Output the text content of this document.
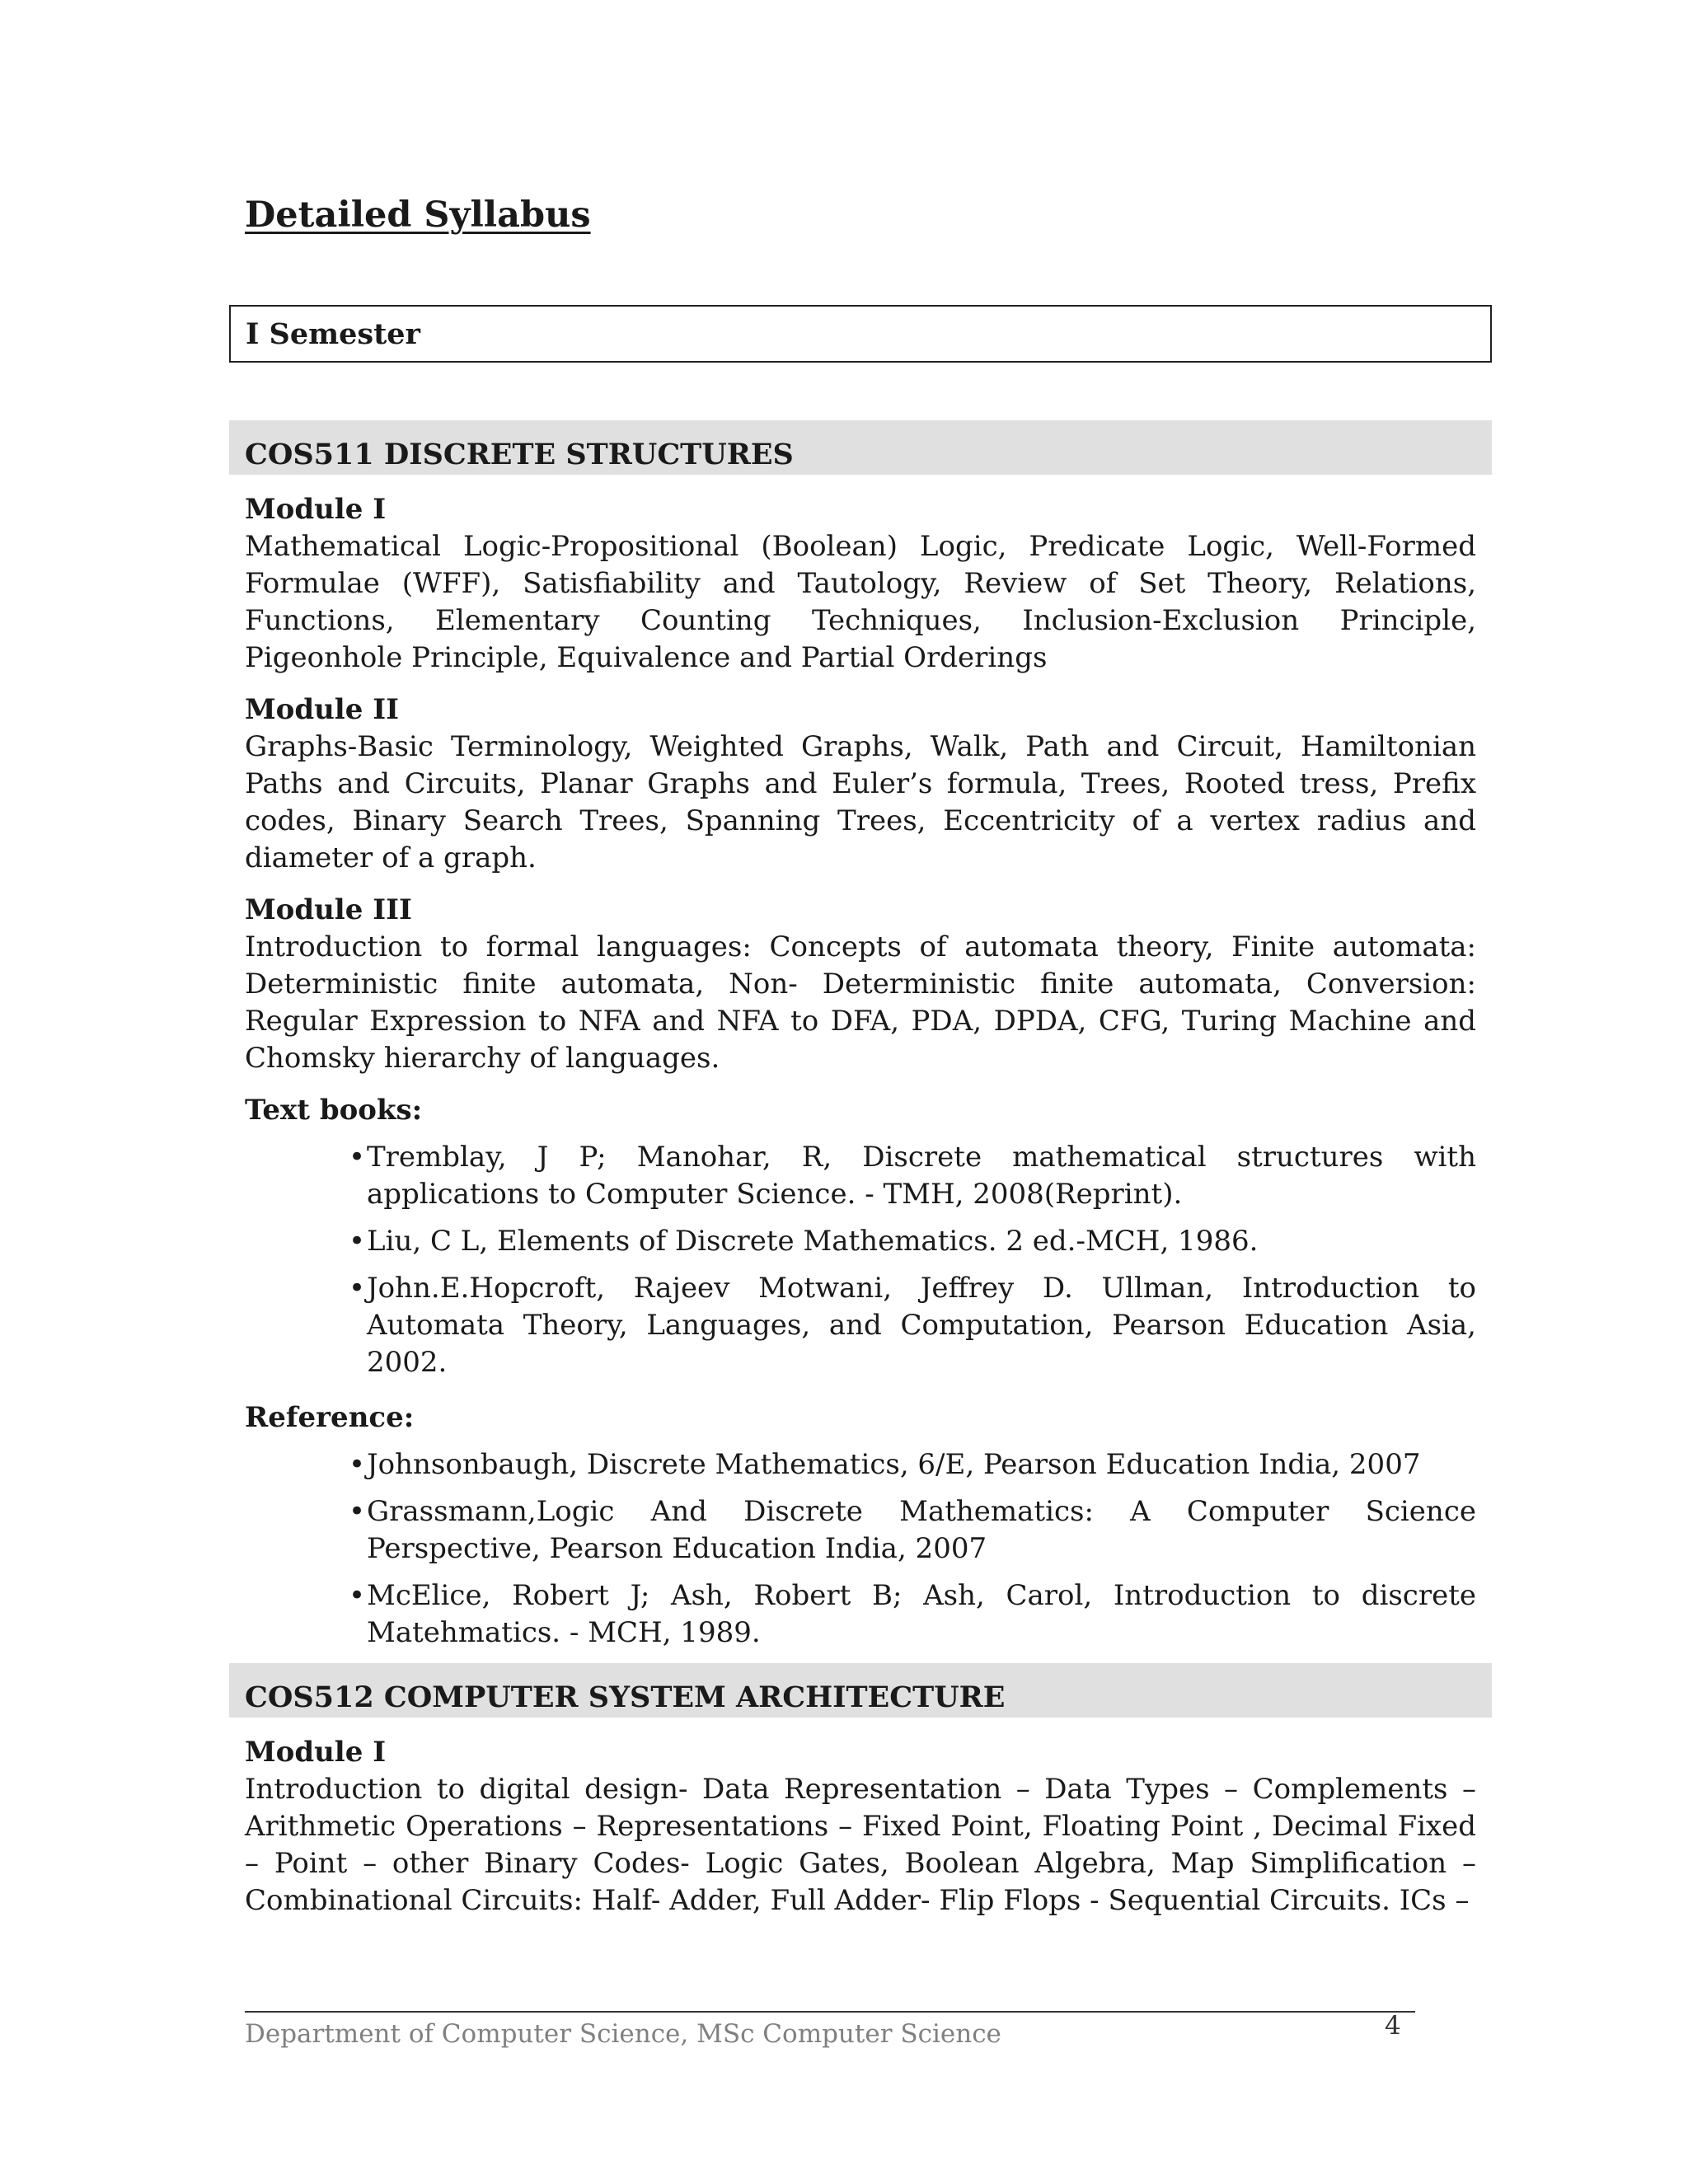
Detailed Syllabus
I Semester
COS511 DISCRETE STRUCTURES
Module I

Mathematical Logic-Propositional (Boolean) Logic, Predicate Logic, Well-Formed Formulae (WFF), Satisfiability and Tautology, Review of Set Theory, Relations, Functions, Elementary Counting Techniques, Inclusion-Exclusion Principle, Pigeonhole Principle, Equivalence and Partial Orderings

Module II

Graphs-Basic Terminology, Weighted Graphs, Walk, Path and Circuit, Hamiltonian Paths and Circuits, Planar Graphs and Euler’s formula, Trees, Rooted tress, Prefix codes, Binary Search Trees, Spanning Trees, Eccentricity of a vertex radius and diameter of a graph.

Module III

Introduction to formal languages: Concepts of automata theory, Finite automata: Deterministic finite automata, Non- Deterministic finite automata, Conversion: Regular Expression to NFA and NFA to DFA, PDA, DPDA, CFG, Turing Machine and Chomsky hierarchy of languages.

Text books:
• Tremblay, J P; Manohar, R, Discrete mathematical structures with applications to Computer Science. - TMH, 2008(Reprint).
• Liu, C L, Elements of Discrete Mathematics. 2 ed.-MCH, 1986.
• John.E.Hopcroft, Rajeev Motwani, Jeffrey D. Ullman, Introduction to Automata Theory, Languages, and Computation, Pearson Education Asia, 2002.
Reference:
• Johnsonbaugh, Discrete Mathematics, 6/E, Pearson Education India, 2007
• Grassmann,Logic And Discrete Mathematics: A Computer Science Perspective, Pearson Education India, 2007
• McElice, Robert J; Ash, Robert B; Ash, Carol, Introduction to discrete Matehmatics. - MCH, 1989.
COS512 COMPUTER SYSTEM ARCHITECTURE
Module I

Introduction to digital design- Data Representation – Data Types – Complements – Arithmetic Operations – Representations – Fixed Point, Floating Point , Decimal Fixed – Point – other Binary Codes- Logic Gates, Boolean Algebra, Map Simplification – Combinational Circuits: Half- Adder, Full Adder- Flip Flops - Sequential Circuits. ICs –

Department of Computer Science, MSc Computer Science	4
